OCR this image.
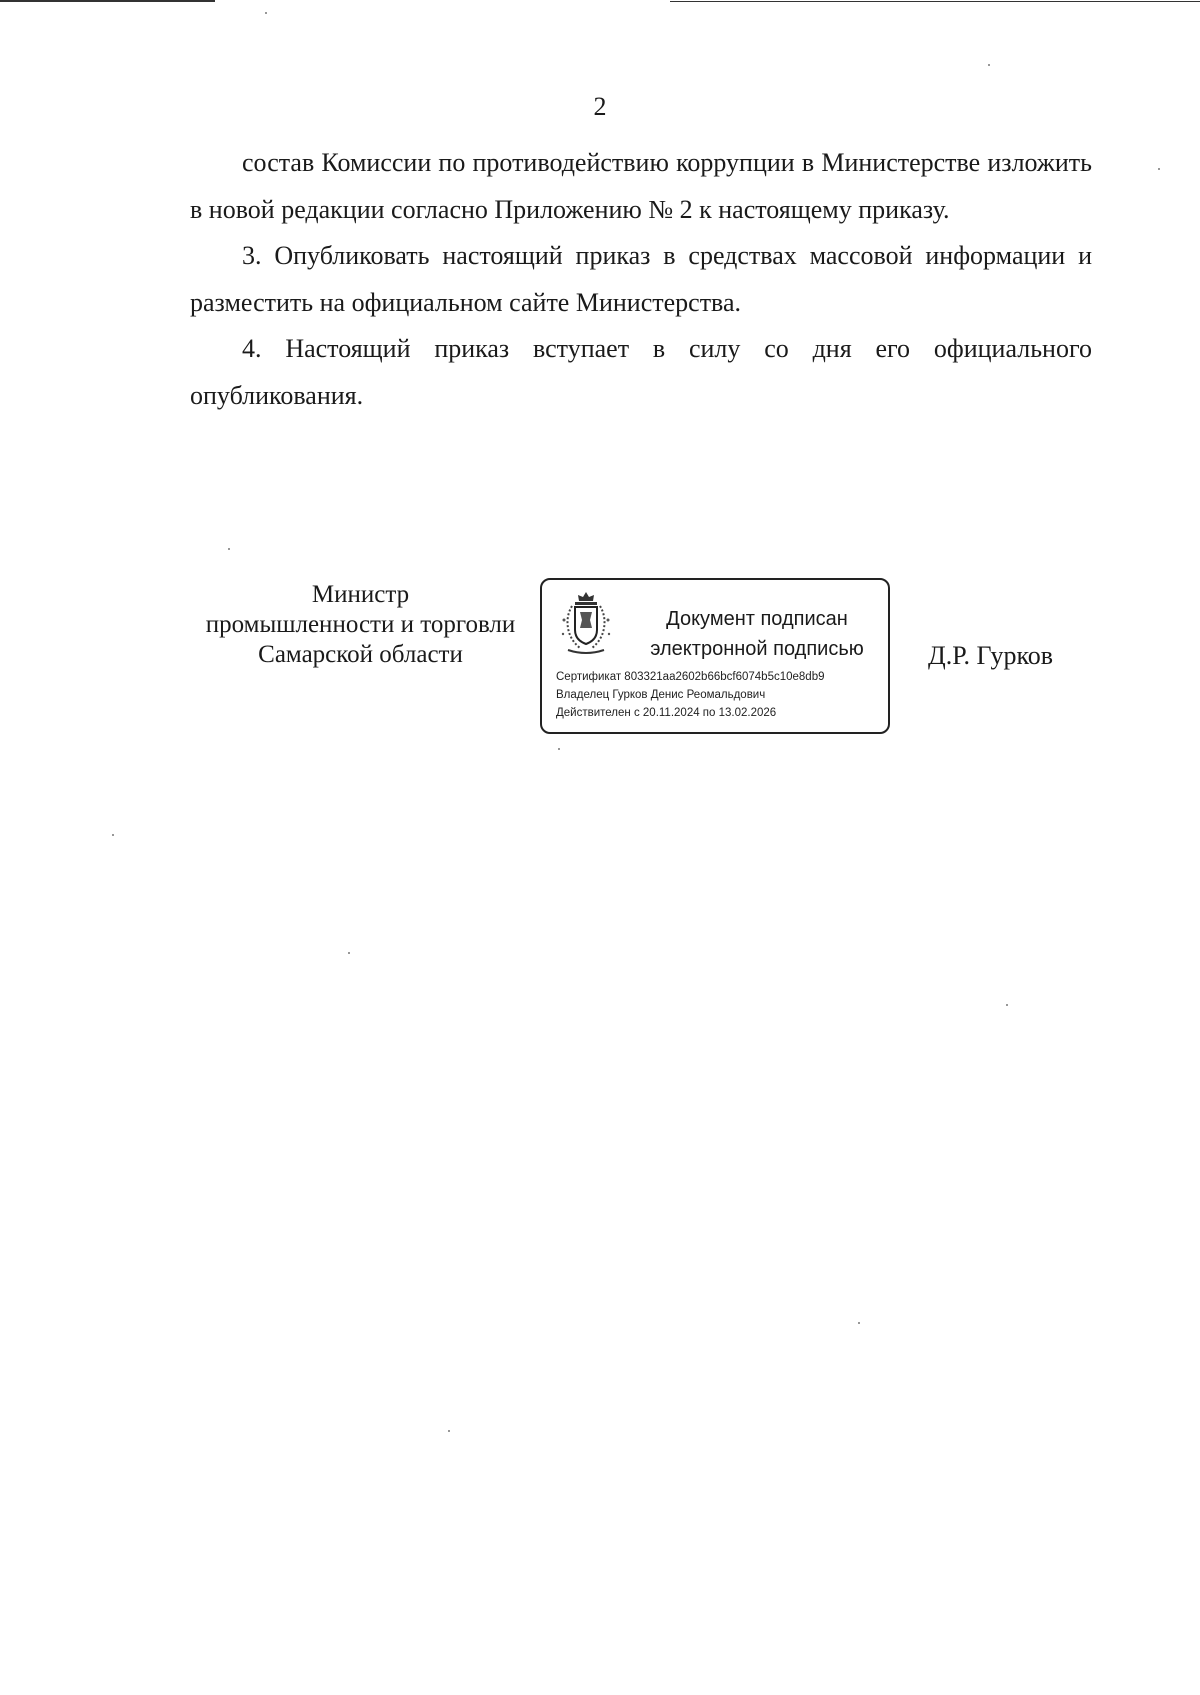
2

состав Комиссии по противодействию коррупции в Министерстве изложить в новой редакции согласно Приложению № 2 к настоящему приказу.

3. Опубликовать настоящий приказ в средствах массовой информации и разместить на официальном сайте Министерства.

4. Настоящий приказ вступает в силу со дня его официального опубликования.

Министр
промышленности и торговли
Самарской области
Документ подписан
электронной подписью
Сертификат 803321aa2602b66bcf6074b5c10e8db9
Владелец Гурков Денис Реомальдович
Действителен с 20.11.2024 по 13.02.2026
Д.Р. Гурков
